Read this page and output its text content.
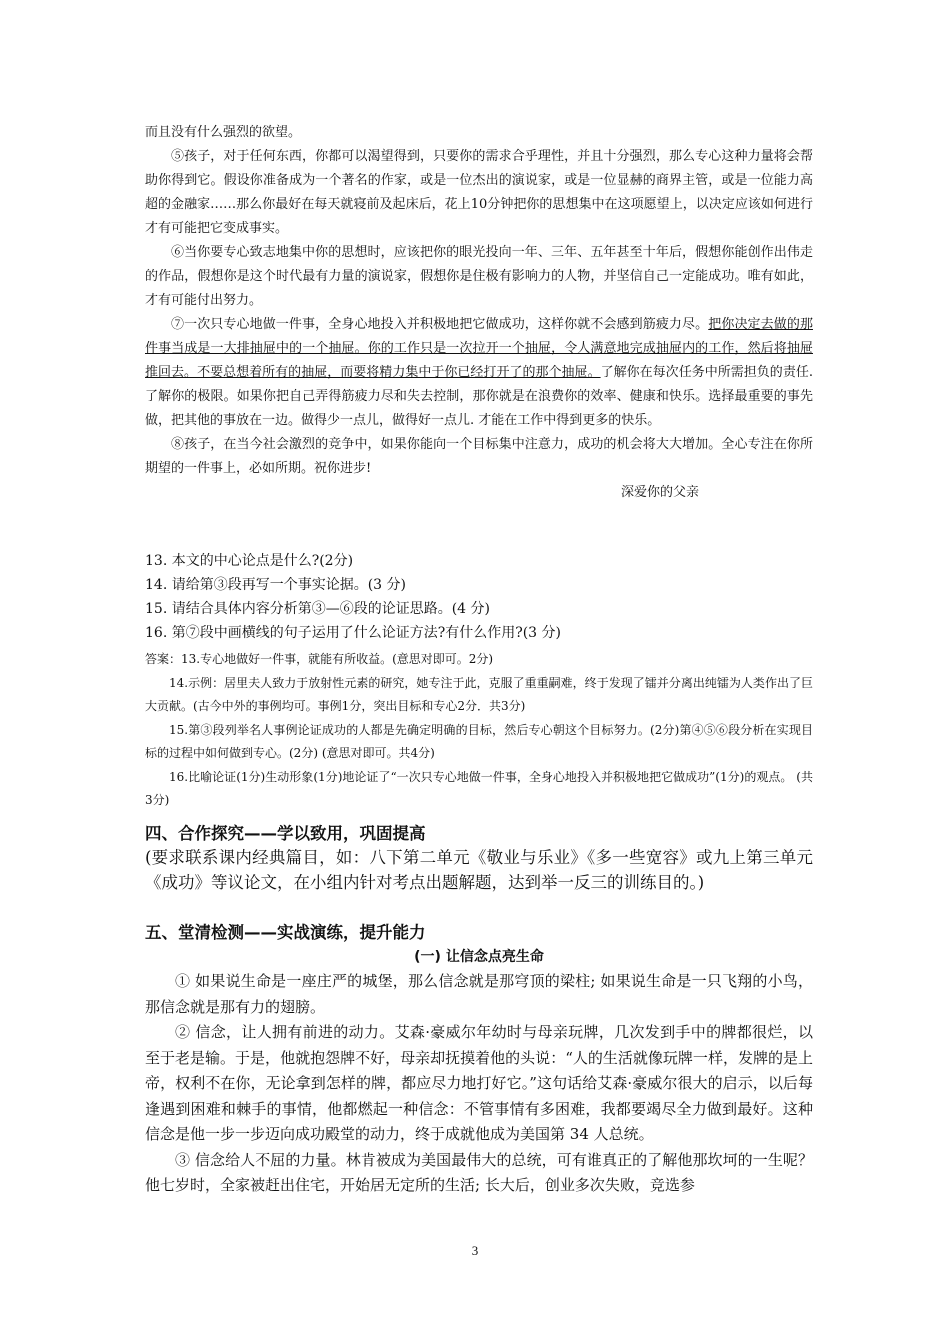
而且没有什么强烈的欲望。

⑤孩子，对于任何东西，你都可以渴望得到，只要你的需求合乎理性，并且十分强烈，那么专心这种力量将会帮助你得到它。假设你准备成为一个著名的作家，或是一位杰出的演说家，或是一位显赫的商界主管，或是一位能力高超的金融家……那么你最好在每天就寝前及起床后，花上10分钟把你的思想集中在这项愿望上，以决定应该如何进行才有可能把它变成事实。

⑥当你要专心致志地集中你的思想时，应该把你的眼光投向一年、三年、五年甚至十年后，假想你能创作出伟走的作品，假想你是这个时代最有力量的演说家，假想你是住极有影响力的人物，并坚信自己一定能成功。唯有如此，才有可能付出努力。

⑦一次只专心地做一件事，全身心地投入并积极地把它做成功，这样你就不会感到筋疲力尽。把你决定去做的那件事当成是一大排抽屉中的一个抽屉。你的工作只是一次拉开一个抽屉，令人满意地完成抽屉内的工作，然后将抽屉推回去。不要总想着所有的抽屉，而要将精力集中于你已经打开了的那个抽屉。了解你在每次任务中所需担负的责任. 了解你的极限。如果你把自己弄得筋疲力尽和失去控制，那你就是在浪费你的效率、健康和快乐。选择最重要的事先做，把其他的事放在一边。做得少一点儿，做得好一点儿. 才能在工作中得到更多的快乐。

⑧孩子，在当今社会激烈的竞争中，如果你能向一个目标集中注意力，成功的机会将大大增加。全心专注在你所期望的一件事上，必如所期。祝你进步!

深爱你的父亲

13. 本文的中心论点是什么?(2分)

14. 请给第③段再写一个事实论据。(3 分)

15. 请结合具体内容分析第③—⑥段的论证思路。(4 分)

16. 第⑦段中画横线的句子运用了什么论证方法?有什么作用?(3 分)

答案：13.专心地做好一件事，就能有所收益。(意思对即可。2分)

14.示例：居里夫人致力于放射性元素的研究，她专注于此，克服了重重嗣难，终于发现了镭并分离出纯镭为人类作出了巨大贡献。(古今中外的事例均可。事例1分，突出目标和专心2分．共3分)

15.第③段列举名人事例论证成功的人都是先确定明确的目标，然后专心朝这个目标努力。(2分)第④⑤⑥段分析在实现目标的过程中如何做到专心。(2分) (意思对即可。共4分)

16.比喻论证(1分)生动形象(1分)地论证了“一次只专心地做一件事，全身心地投入并积极地把它做成功”(1分)的观点。 (共3分)

四、合作探究——学以致用，巩固提高

(要求联系课内经典篇目，如：八下第二单元《敬业与乐业》《多一些宽容》或九上第三单元《成功》等议论文，在小组内针对考点出题解题，达到举一反三的训练目的。)

五、堂清检测——实战演练，提升能力

(一) 让信念点亮生命

① 如果说生命是一座庄严的城堡，那么信念就是那穹顶的梁柱; 如果说生命是一只飞翔的小鸟，那信念就是那有力的翅膀。

② 信念，让人拥有前进的动力。艾森·豪威尔年幼时与母亲玩牌，几次发到手中的牌都很烂，以至于老是输。于是，他就抱怨牌不好，母亲却抚摸着他的头说：“人的生活就像玩牌一样，发牌的是上帝，权利不在你，无论拿到怎样的牌，都应尽力地打好它。”这句话给艾森·豪威尔很大的启示，以后每逢遇到困难和棘手的事情，他都燃起一种信念：不管事情有多困难，我都要竭尽全力做到最好。这种信念是他一步一步迈向成功殿堂的动力，终于成就他成为美国第 34 人总统。

③ 信念给人不屈的力量。林肯被成为美国最伟大的总统，可有谁真正的了解他那坎坷的一生呢？他七岁时，全家被赶出住宅，开始居无定所的生活; 长大后，创业多次失败，竞选参

3
